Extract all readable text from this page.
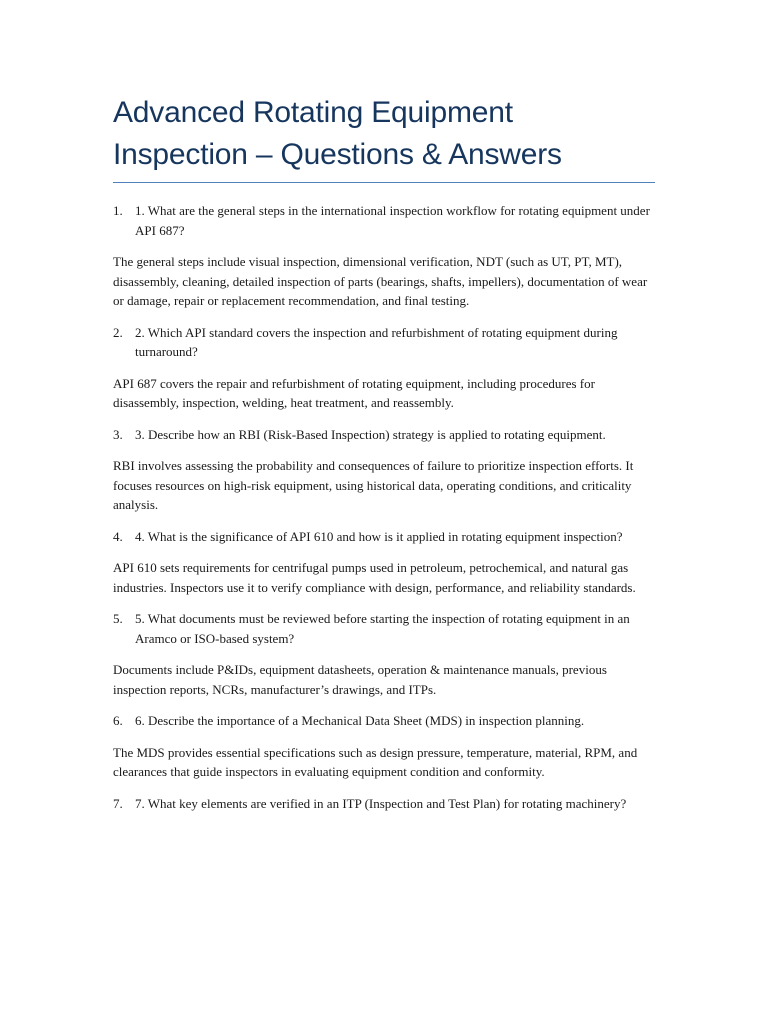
Advanced Rotating Equipment Inspection – Questions & Answers
1. 1. What are the general steps in the international inspection workflow for rotating equipment under API 687?

The general steps include visual inspection, dimensional verification, NDT (such as UT, PT, MT), disassembly, cleaning, detailed inspection of parts (bearings, shafts, impellers), documentation of wear or damage, repair or replacement recommendation, and final testing.

2. 2. Which API standard covers the inspection and refurbishment of rotating equipment during turnaround?

API 687 covers the repair and refurbishment of rotating equipment, including procedures for disassembly, inspection, welding, heat treatment, and reassembly.

3. 3. Describe how an RBI (Risk-Based Inspection) strategy is applied to rotating equipment.

RBI involves assessing the probability and consequences of failure to prioritize inspection efforts. It focuses resources on high-risk equipment, using historical data, operating conditions, and criticality analysis.

4. 4. What is the significance of API 610 and how is it applied in rotating equipment inspection?

API 610 sets requirements for centrifugal pumps used in petroleum, petrochemical, and natural gas industries. Inspectors use it to verify compliance with design, performance, and reliability standards.

5. 5. What documents must be reviewed before starting the inspection of rotating equipment in an Aramco or ISO-based system?

Documents include P&IDs, equipment datasheets, operation & maintenance manuals, previous inspection reports, NCRs, manufacturer’s drawings, and ITPs.

6. 6. Describe the importance of a Mechanical Data Sheet (MDS) in inspection planning.

The MDS provides essential specifications such as design pressure, temperature, material, RPM, and clearances that guide inspectors in evaluating equipment condition and conformity.

7. 7. What key elements are verified in an ITP (Inspection and Test Plan) for rotating machinery?
